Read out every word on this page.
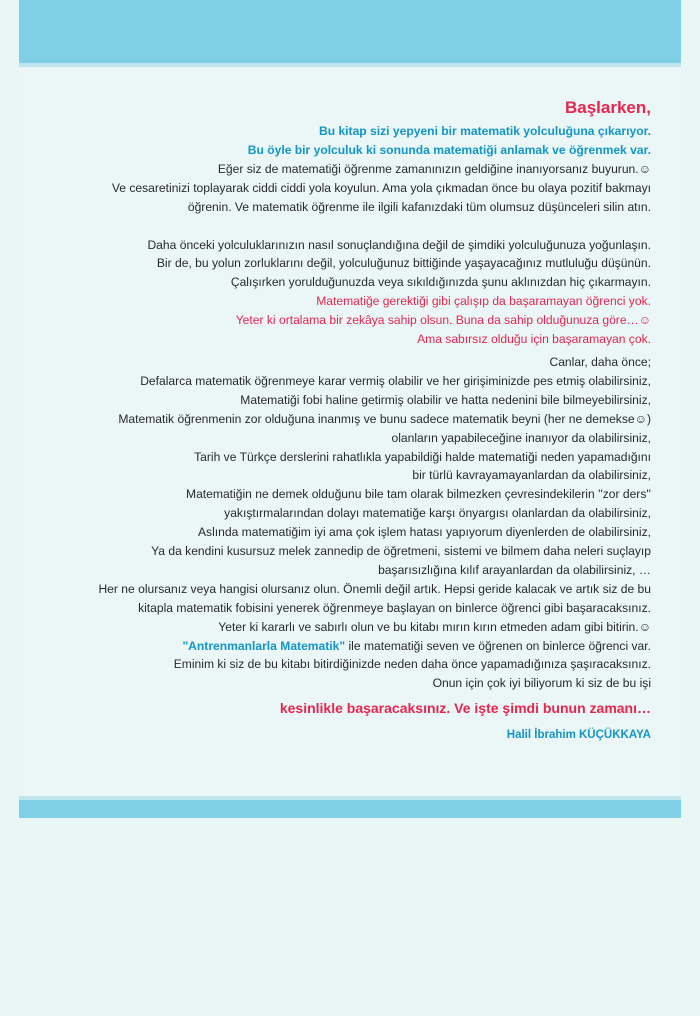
Başlarken,
Bu kitap sizi yepyeni bir matematik yolculuğuna çıkarıyor.
Bu öyle bir yolculuk ki sonunda matematiği anlamak ve öğrenmek var.
Eğer siz de matematiği öğrenme zamanınızın geldiğine inanıyorsanız buyurun.☺
Ve cesaretinizi toplayarak ciddi ciddi yola koyulun. Ama yola çıkmadan önce bu olaya pozitif bakmayı
öğrenin. Ve matematik öğrenme ile ilgili kafanızdaki tüm olumsuz düşünceleri silin atın.
Daha önceki yolculuklarınızın nasıl sonuçlandığına değil de şimdiki yolculuğunuza yoğunlaşın.
Bir de, bu yolun zorluklarını değil, yolculuğunuz bittiğinde yaşayacağınız mutluluğu düşünün.
Çalışırken yorulduğunuzda veya sıkıldığınızda şunu aklınızdan hiç çıkarmayın.
Matematiğe gerektiği gibi çalışıp da başaramayan öğrenci yok.
Yeter ki ortalama bir zekâya sahip olsun. Buna da sahip olduğunuza göre…☺
Ama sabırsız olduğu için başaramayan çok.
Canlar, daha önce;
Defalarca matematik öğrenmeye karar vermiş olabilir ve her girişiminizde pes etmiş olabilirsiniz,
Matematiği fobi haline getirmiş olabilir ve hatta nedenini bile bilmeyebilirsiniz,
Matematik öğrenmenin zor olduğuna inanmış ve bunu sadece matematik beyni (her ne demekse☺)
olanların yapabileceğine inanıyor da olabilirsiniz,
Tarih ve Türkçe derslerini rahatlıkla yapabildiği halde matematiği neden yapamadığını
bir türlü kavrayamayanlardan da olabilirsiniz,
Matematiğin ne demek olduğunu bile tam olarak bilmezken çevresindekilerin ''zor ders''
yakıştırmalarından dolayı matematiğe karşı önyargısı olanlardan da olabilirsiniz,
Aslında matematiğim iyi ama çok işlem hatası yapıyorum diyenlerden de olabilirsiniz,
Ya da kendini kusursuz melek zannedip de öğretmeni, sistemi ve bilmem daha neleri suçlayıp
başarısızlığına kılıf arayanlardan da olabilirsiniz, …
Her ne olursanız veya hangisi olursanız olun. Önemli değil artık. Hepsi geride kalacak ve artık siz de bu
kitapla matematik fobisini yenerek öğrenmeye başlayan on binlerce öğrenci gibi başaracaksınız.
Yeter ki kararlı ve sabırlı olun ve bu kitabı mırın kırın etmeden adam gibi bitirin.☺
"Antrenmanlarla Matematik" ile matematiği seven ve öğrenen on binlerce öğrenci var.
Eminim ki siz de bu kitabı bitirdiğinizde neden daha önce yapamadığınıza şaşıracaksınız.
Onun için çok iyi biliyorum ki siz de bu işi
kesinlikle başaracaksınız. Ve işte şimdi bunun zamanı…
Halil İbrahim KÜÇÜKKAYA
